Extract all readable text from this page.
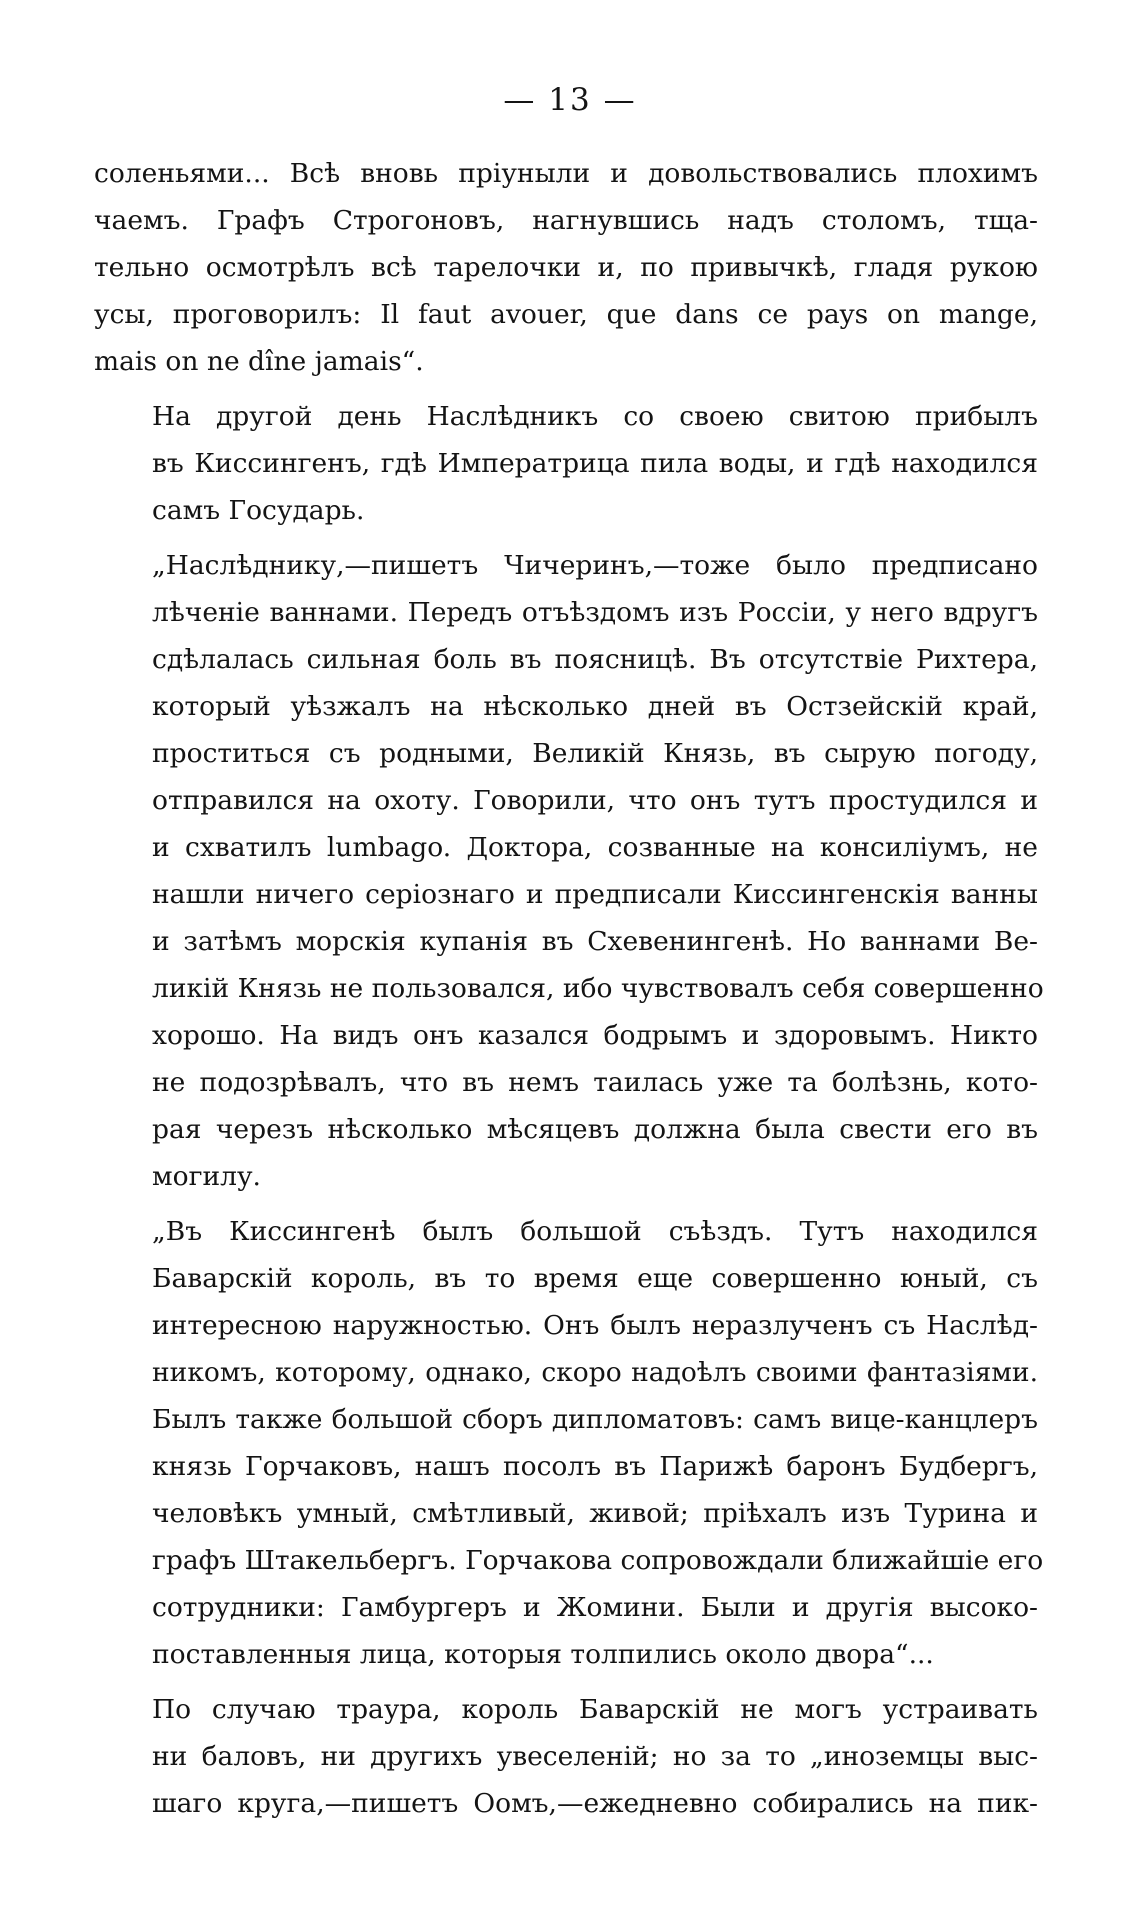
— 13 —

соленьями... Всѣ вновь пріуныли и довольствовались плохимъ
чаемъ. Графъ Строгоновъ, нагнувшись надъ столомъ, тща-
тельно осмотрѣлъ всѣ тарелочки и, по привычкѣ, гладя рукою
усы, проговорилъ: Il faut avouer, que dans ce pays on mange,
mais on ne dîne jamais“.

На другой день Наслѣдникъ со своею свитою прибылъ
въ Киссингенъ, гдѣ Императрица пила воды, и гдѣ находился
самъ Государь.

„Наслѣднику,—пишетъ Чичеринъ,—тоже было предписано
лѣченіе ваннами. Передъ отъѣздомъ изъ Россіи, у него вдругъ
сдѣлалась сильная боль въ поясницѣ. Въ отсутствіе Рихтера,
который уѣзжалъ на нѣсколько дней въ Остзейскій край,
проститься съ родными, Великій Князь, въ сырую погоду,
отправился на охоту. Говорили, что онъ тутъ простудился и
и схватилъ lumbago. Доктора, созванные на консиліумъ, не
нашли ничего серіознаго и предписали Киссингенскія ванны
и затѣмъ морскія купанія въ Схевенингенѣ. Но ваннами Ве-
ликій Князь не пользовался, ибо чувствовалъ себя совершенно
хорошо. На видъ онъ казался бодрымъ и здоровымъ. Никто
не подозрѣвалъ, что въ немъ таилась уже та болѣзнь, кото-
рая черезъ нѣсколько мѣсяцевъ должна была свести его въ
могилу.

„Въ Киссингенѣ былъ большой съѣздъ. Тутъ находился
Баварскій король, въ то время еще совершенно юный, съ
интересною наружностью. Онъ былъ неразлученъ съ Наслѣд-
никомъ, которому, однако, скоро надоѣлъ своими фантазіями.
Былъ также большой сборъ дипломатовъ: самъ вице-канцлеръ
князь Горчаковъ, нашъ посолъ въ Парижѣ баронъ Будбергъ,
человѣкъ умный, смѣтливый, живой; пріѣхалъ изъ Турина и
графъ Штакельбергъ. Горчакова сопровождали ближайшіе его
сотрудники: Гамбургеръ и Жомини. Были и другія высоко-
поставленныя лица, которыя толпились около двора“...

По случаю траура, король Баварскій не могъ устраивать
ни баловъ, ни другихъ увеселеній; но за то „иноземцы выс-
шаго круга,—пишетъ Оомъ,—ежедневно собирались на пик-
